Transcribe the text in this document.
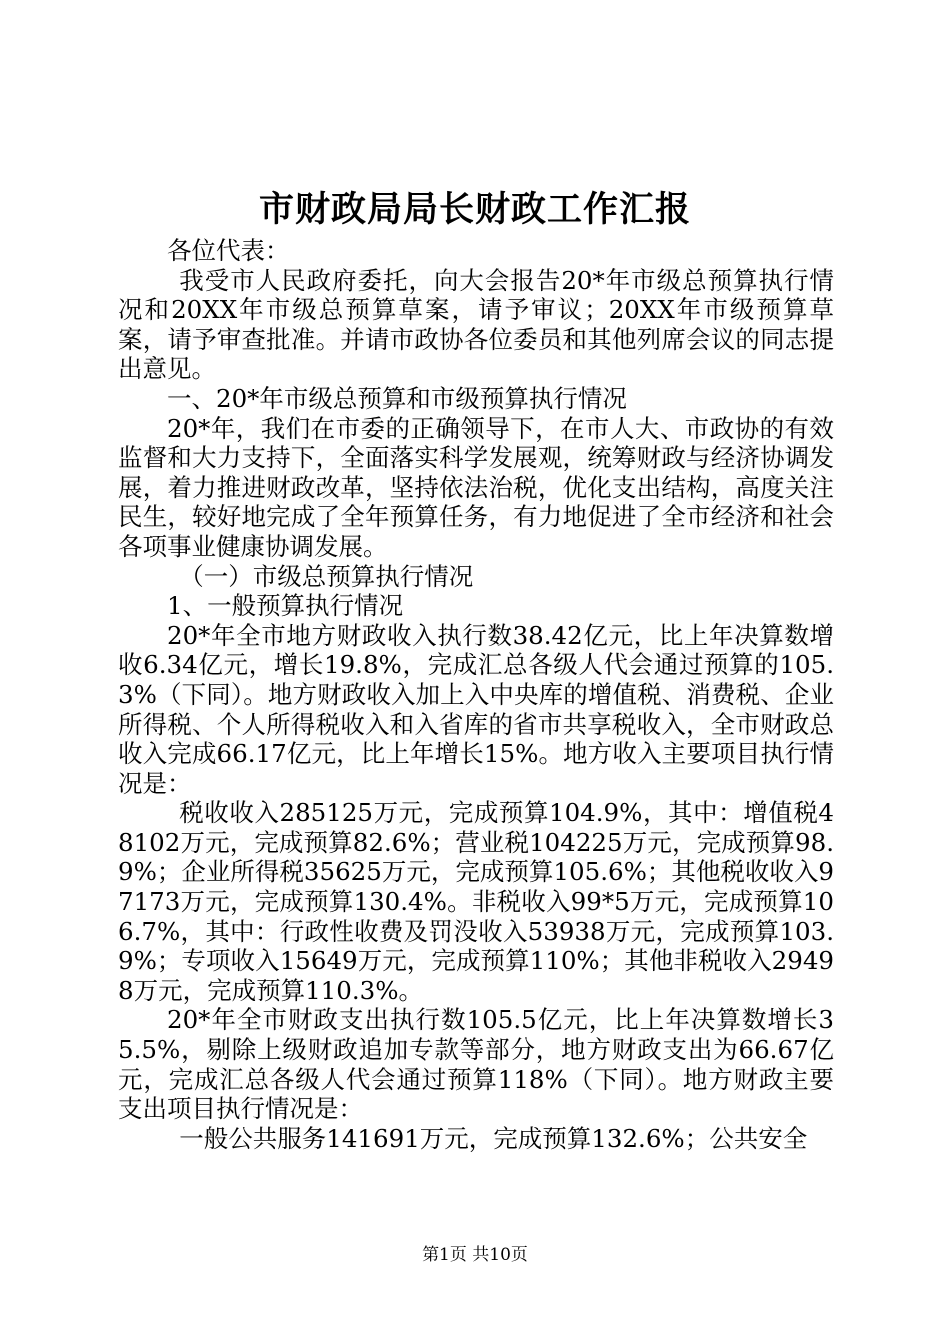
市财政局局长财政工作汇报

各位代表：

我受市人民政府委托，向大会报告20*年市级总预算执行情况和20XX年市级总预算草案，请予审议；20XX年市级预算草案，请予审查批准。并请市政协各位委员和其他列席会议的同志提出意见。

一、20*年市级总预算和市级预算执行情况

20*年，我们在市委的正确领导下，在市人大、市政协的有效监督和大力支持下，全面落实科学发展观，统筹财政与经济协调发展，着力推进财政改革，坚持依法治税，优化支出结构，高度关注民生，较好地完成了全年预算任务，有力地促进了全市经济和社会各项事业健康协调发展。

（一）市级总预算执行情况

1、一般预算执行情况

20*年全市地方财政收入执行数38.42亿元，比上年决算数增收6.34亿元，增长19.8%，完成汇总各级人代会通过预算的105.3%（下同）。地方财政收入加上入中央库的增值税、消费税、企业所得税、个人所得税收入和入省库的省市共享税收入，全市财政总收入完成66.17亿元，比上年增长15%。地方收入主要项目执行情况是：

税收收入285125万元，完成预算104.9%，其中：增值税48102万元，完成预算82.6%；营业税104225万元，完成预算98.9%；企业所得税35625万元，完成预算105.6%；其他税收收入97173万元，完成预算130.4%。非税收入99*5万元，完成预算106.7%，其中：行政性收费及罚没收入53938万元，完成预算103.9%；专项收入15649万元，完成预算110%；其他非税收入29498万元，完成预算110.3%。

20*年全市财政支出执行数105.5亿元，比上年决算数增长35.5%，剔除上级财政追加专款等部分，地方财政支出为66.67亿元，完成汇总各级人代会通过预算118%（下同）。地方财政主要支出项目执行情况是：

一般公共服务141691万元，完成预算132.6%；公共安全

第1页 共10页
